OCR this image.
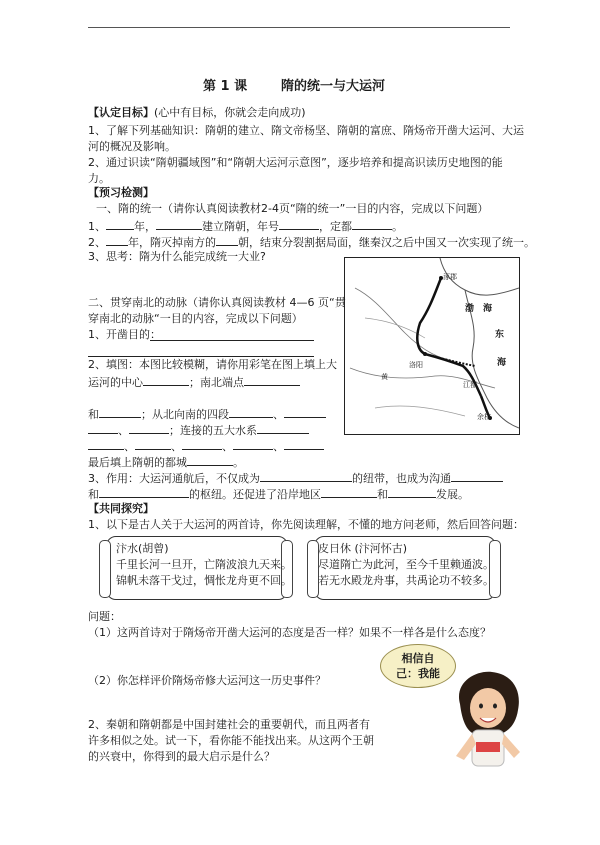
第 1 课	隋的统一与大运河
【认定目标】(心中有目标，你就会走向成功)
1、了解下列基础知识：隋朝的建立、隋文帝杨坚、隋朝的富庶、隋炀帝开凿大运河、大运
河的概况及影响。
2、通过识读“隋朝疆域图”和“隋朝大运河示意图”，逐步培养和提高识读历史地图的能
力。
【预习检测】
一、隋的统一（请你认真阅读教材2-4页“隋的统一”一目的内容，完成以下问题）
1、	年，	建立隋朝，年号	，定都	。
2、 年，隋灭掉南方的 朝，结束分裂割据局面，继秦汉之后中国又一次实现了统一。
3、思考：隋为什么能完成统一大业?
二、贯穿南北的动脉（请你认真阅读教材 4—6 页“贯
穿南北的动脉“一目的内容，完成以下问题）
1、开凿目的：
2、填图：本图比较模糊，请你用彩笔在图上填上大
运河的中心	；南北端点
和	；从北向南的四段	、
、	；连接的五大水系
、	、	、	、
最后填上隋朝的都城	。
3、作用：大运河通航后，不仅成为	的纽带，也成为沟通
和	的枢纽。还促进了沿岸地区	和	发展。
涿郡
渤　海
东
海
洛阳
江都
余杭
黄
【共同探究】
1、以下是古人关于大运河的两首诗，你先阅读理解，不懂的地方问老师，然后回答问题：
汴水(胡曾)
千里长河一旦开，亡隋波浪九天来。
锦帆未落干戈过，惆怅龙舟更不回。
皮日休 (汴河怀古)
尽道隋亡为此河，至今千里赖通波。
若无水殿龙舟事，共禹论功不较多。
问题：
（1）这两首诗对于隋炀帝开凿大运河的态度是否一样？如果不一样各是什么态度？
（2）你怎样评价隋炀帝修大运河这一历史事件？
2、秦朝和隋朝都是中国封建社会的重要朝代，而且两者有
许多相似之处。试一下，看你能不能找出来。从这两个王朝
的兴衰中，你得到的最大启示是什么？
相信自
己：我能
